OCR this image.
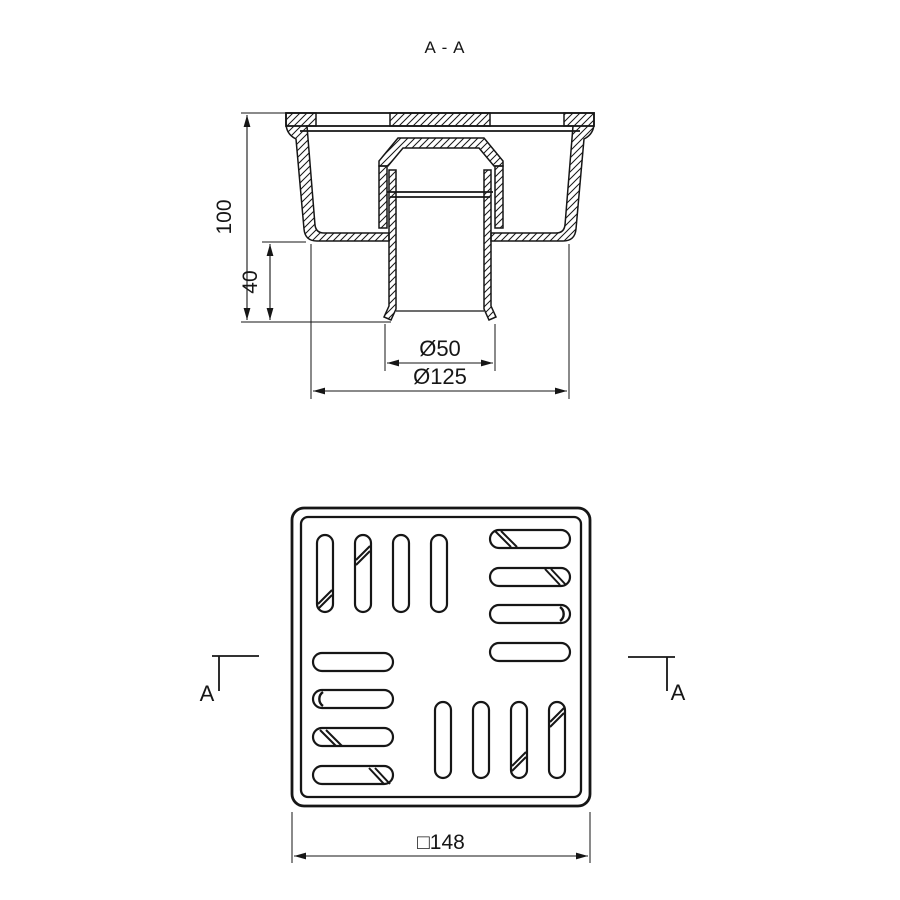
A - A
100
40
Ø50
Ø125
A	A
□148
